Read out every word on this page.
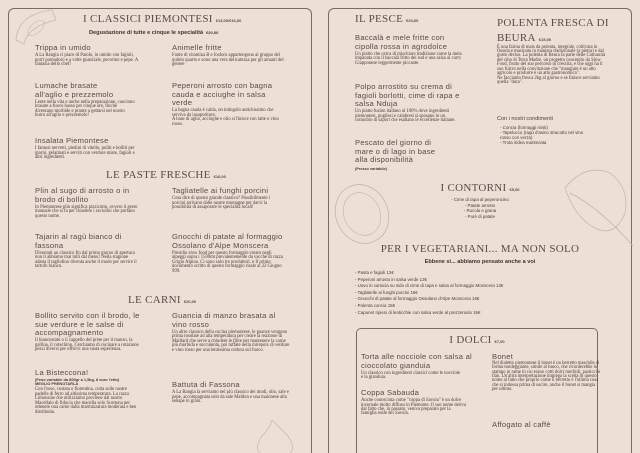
I CLASSICI PIEMONTESI €13,00/€16,00
Degustazione di tutte e cinque le specialità €20,00
Trippa in umido
A La Rangia ci piace di Paiolo, in umido con fagioli, porri pomodoro e a volte guanciale, pecorino e pepe. A fantasia dello chef!
Animelle fritte
Fonte di vitamina B e fosforo appartengono al gruppo del quinto quarto e sono una vera delicatezza per gli amanti del genere
Lumache brasate all'aglio e prezzemolo
Lente nella vita e anche nella preparazione, cuociono brasate a fuoco basso per cinque ore, finché diventano morbide e pronte a gettarsi nel nostro burro all'aglio e prezzemolo!
Peperoni arrosto con bagna cauda e acciughe in salsa verde
La bagna cauda è calda, un intingolo antichissimo che serviva da insaporitore.
A base di aglio, acciughe e olio si finisce con latte o vino rosso.
Insalata Piemontese
I famosi nervetti, piedini di vitello, puliti e bolliti per giorni, gelatinati e serviti con verdure miste, fagioli e altri ingredienti.
LE PASTE FRESCHE €16,00
Plin al sugo di arrosto o in brodo di bollito
In Piemontese plin significa pizzicotto, ovvero il gesto manuale che si fa per chiudere i raviolini che portano questo nome.
Tagliatelle ai funghi porcini
Cosa dire di questo grande classico? Possibilmente i porcini arrivano dalle nostre montagne per darvi la possibilità di assaporare le specialità locali!
Tajarin al ragù bianco di fassona
Diventati un classico fin dal primo giorno di apertura non li abbiamo mai tolti dal menu! Nella stagione adatta il tagliolino diventa anche il modo per servire il tartufo bianco.
Gnocchi di patate al formaggio Ossolano d'Alpe Monscera
Presidio slow food per questo formaggio creato negli alpeggi sopra i 1500mt prevalentemente da vacche di razza Grigio Alpina. Ci sono solo tre produttori. e Il primo documento scritto di questo formaggio risale al 22 Giugno 999.
LE CARNI €20,00
Bollito servito con il brodo, le sue verdure e le salse di accompagnamento
Il biancostato o il cappello del prete per il manzo, la gallina, il cotechino. Cerchiamo di cucinare a rotazione pezzi diversi per offrirvi una vasta esperienza.
La Bisteccona!
(Peso variabile da 800gr a 1,5kg, 8 euro l'etto)
MEGLIO PRENOTARLA
Con l'osso, costata o fiorentina, cotta sulle nostre padelle di ferro ad altissima temperatura. La razza Limousine che utilizziamo proviene dal nostro Macellaio di fiducia che macella solo Scottona per ottenere una carne dalla marmizzatura moderata e ben distribuita.
Guancia di manzo brasata al vino rosso
Un altro classico della cucina piemontese, le guance vengono prima rosolate ad alta temperatura per creare la reazione di Maillard che serve a chiudere le fibre per mantenere la carne più morbida e succulenta, poi tuffate nella mirepoix di verdure e vino rosso per una lentissima cottura sul fuoco.
Battuta di Fassona
A La Rangia la serviamo nel più classico dei modi, olio, sale e pepe, accompagnata solo da sale Maldon e una maionese alla senape in grani.
IL PESCE €20,00
Baccalà e mele fritte con cipolla rossa in agrodolce
Un piatto che cerca di mischiare tradizione come la mela impanata con il baccalà fritto del sud e una salsa al curry Giapponese leggermente piccante.
Polpo arrostito su crema di fagioli borlotti, cime di rapa e salsa Nduja
Un piatto fusion italiano al 100% dove ingredienti piemontesi, pugliesi e calabresi si sposano in un connubio di sapori che esaltano le eccellenze italiane.
Pescato del giorno di mare o di lago in base alla disponibilità
(Prezzo variabile)
POLENTA FRESCA DI BEURA €15,00
È una farina di mais da polenta, integrale, coltivata in Ossola e macinata in maniera tradizionale (a pietra) e dal gusto deciso. La polenta di Beura fa parte delle Comunità del cibo di Terra Madre, un progetto concepito da Slow Food, frutto del suo percorso di crescita, e che oggi ha il suo fulcro nella convinzione che "mangiare è un atto agricolo e produrre è un atto gastronomico".
Ne facciamo fresca 2kg al giorno e se finisce serviamo quella "dura".
Con i nostri condimenti
- Concia (formaggi misti)
- Tapelucco (ragù d'asino stracotto nel vino rosso con verza)
- Trota iridea mantecata
I CONTORNI €5,00
- Cime di rapa al peperoncino
- Patate arrosto
- Rucola e grana
- Purè di patate
PER I VEGETARIANI... MA NON SOLO
Ebbene sì... abbiamo pensato anche a voi
- Pasta e fagioli 13€
- Peperoni arrosto in salsa verde 13€
- Uovo in camicia su nido di cime di rapa e salsa al formaggio Monscera 13€
- Tagliatelle ai funghi porcini 16€
- Gnocchi di patate al formaggio Ossolano d'Alpe Monscera 16€
- Polenta concia 15€
- Capunet ripieni di lenticchie con salsa verde al prezzemolo 16€
I DOLCI €7,00
Torta alle nocciole con salsa al cioccolato gianduia
Un classico con ingredienti classici come le nocciole e la gianduia.
Coppa Sabauda
Anche conosciuta come "coppa di Savoia" è un dolce invernale molto diffuso in Piemonte. Il suo nome deriva dal fatto che, in passato, veniva preparato per la famiglia reale dei Savoia.
Bonet
Nel dialetto piemontese il bonet è un berretto maschile di forma tondeggiante, simile al basco, che ricorderebbe lo stampo in rame in cui erano cotti dolci morbidi, pasticci e flan. Un'altra interpretazione impiega la scelta di questo nome al fatto che proprio come il berretto è l'ultima cosa che si indossa prima di uscire, anche il bonet si mangia per ultimo.
Affogato al caffè
